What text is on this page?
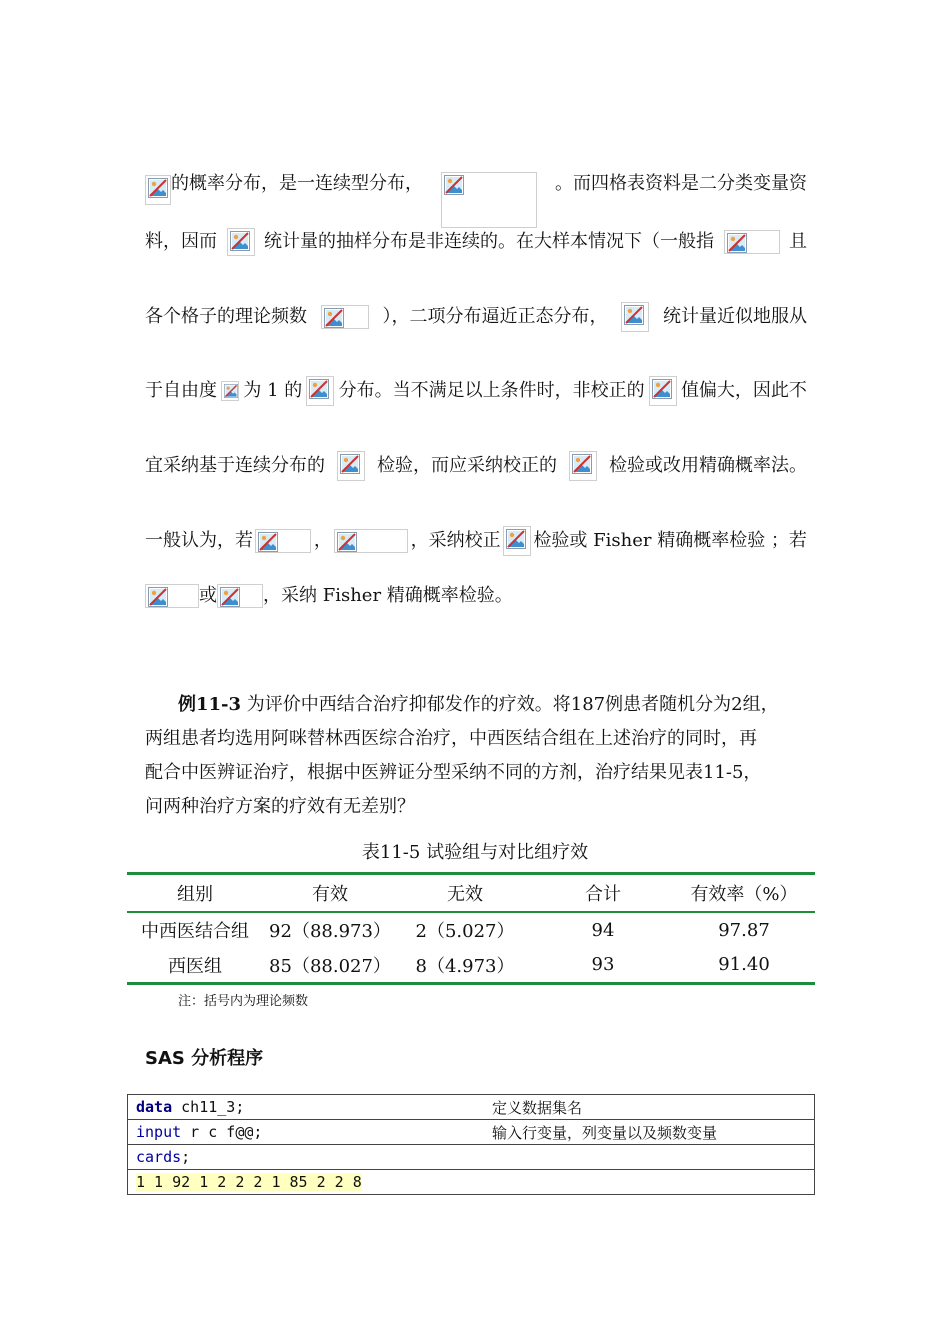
的概率分布，是一连续型分布，	。而四格表资料是二分类变量资
料，因而	统计量的抽样分布是非连续的。在大样本情况下（一般指	且
各个格子的理论频数	），二项分布逼近正态分布，	统计量近似地服从
于自由度 为 1 的 分布。当不满足以上条件时，非校正的 值偏大，因此不
宜采纳基于连续分布的	检验，而应采纳校正的	检验或改用精确概率法。
一般认为，若	，	，采纳校正 检验或 Fisher 精确概率检验 ；若
或	，采纳 Fisher 精确概率检验。
例11-3 为评价中西结合治疗抑郁发作的疗效。将187例患者随机分为2组，
两组患者均选用阿咪替林西医综合治疗，中西医结合组在上述治疗的同时，再
配合中医辨证治疗，根据中医辨证分型采纳不同的方剂，治疗结果见表11-5，
问两种治疗方案的疗效有无差别？
表11-5 试验组与对比组疗效
组别	有效	无效	合计	有效率（%）
中西医结合组	92（88.973）	2（5.027）	94	97.87
西医组	85（88.027）	8（4.973）	93	91.40
注：括号内为理论频数
SAS 分析程序
data ch11_3;	定义数据集名
input r c f@@;	输入行变量，列变量以及频数变量
cards;	
1 1 92 1 2 2 2 1 85 2 2 8	
